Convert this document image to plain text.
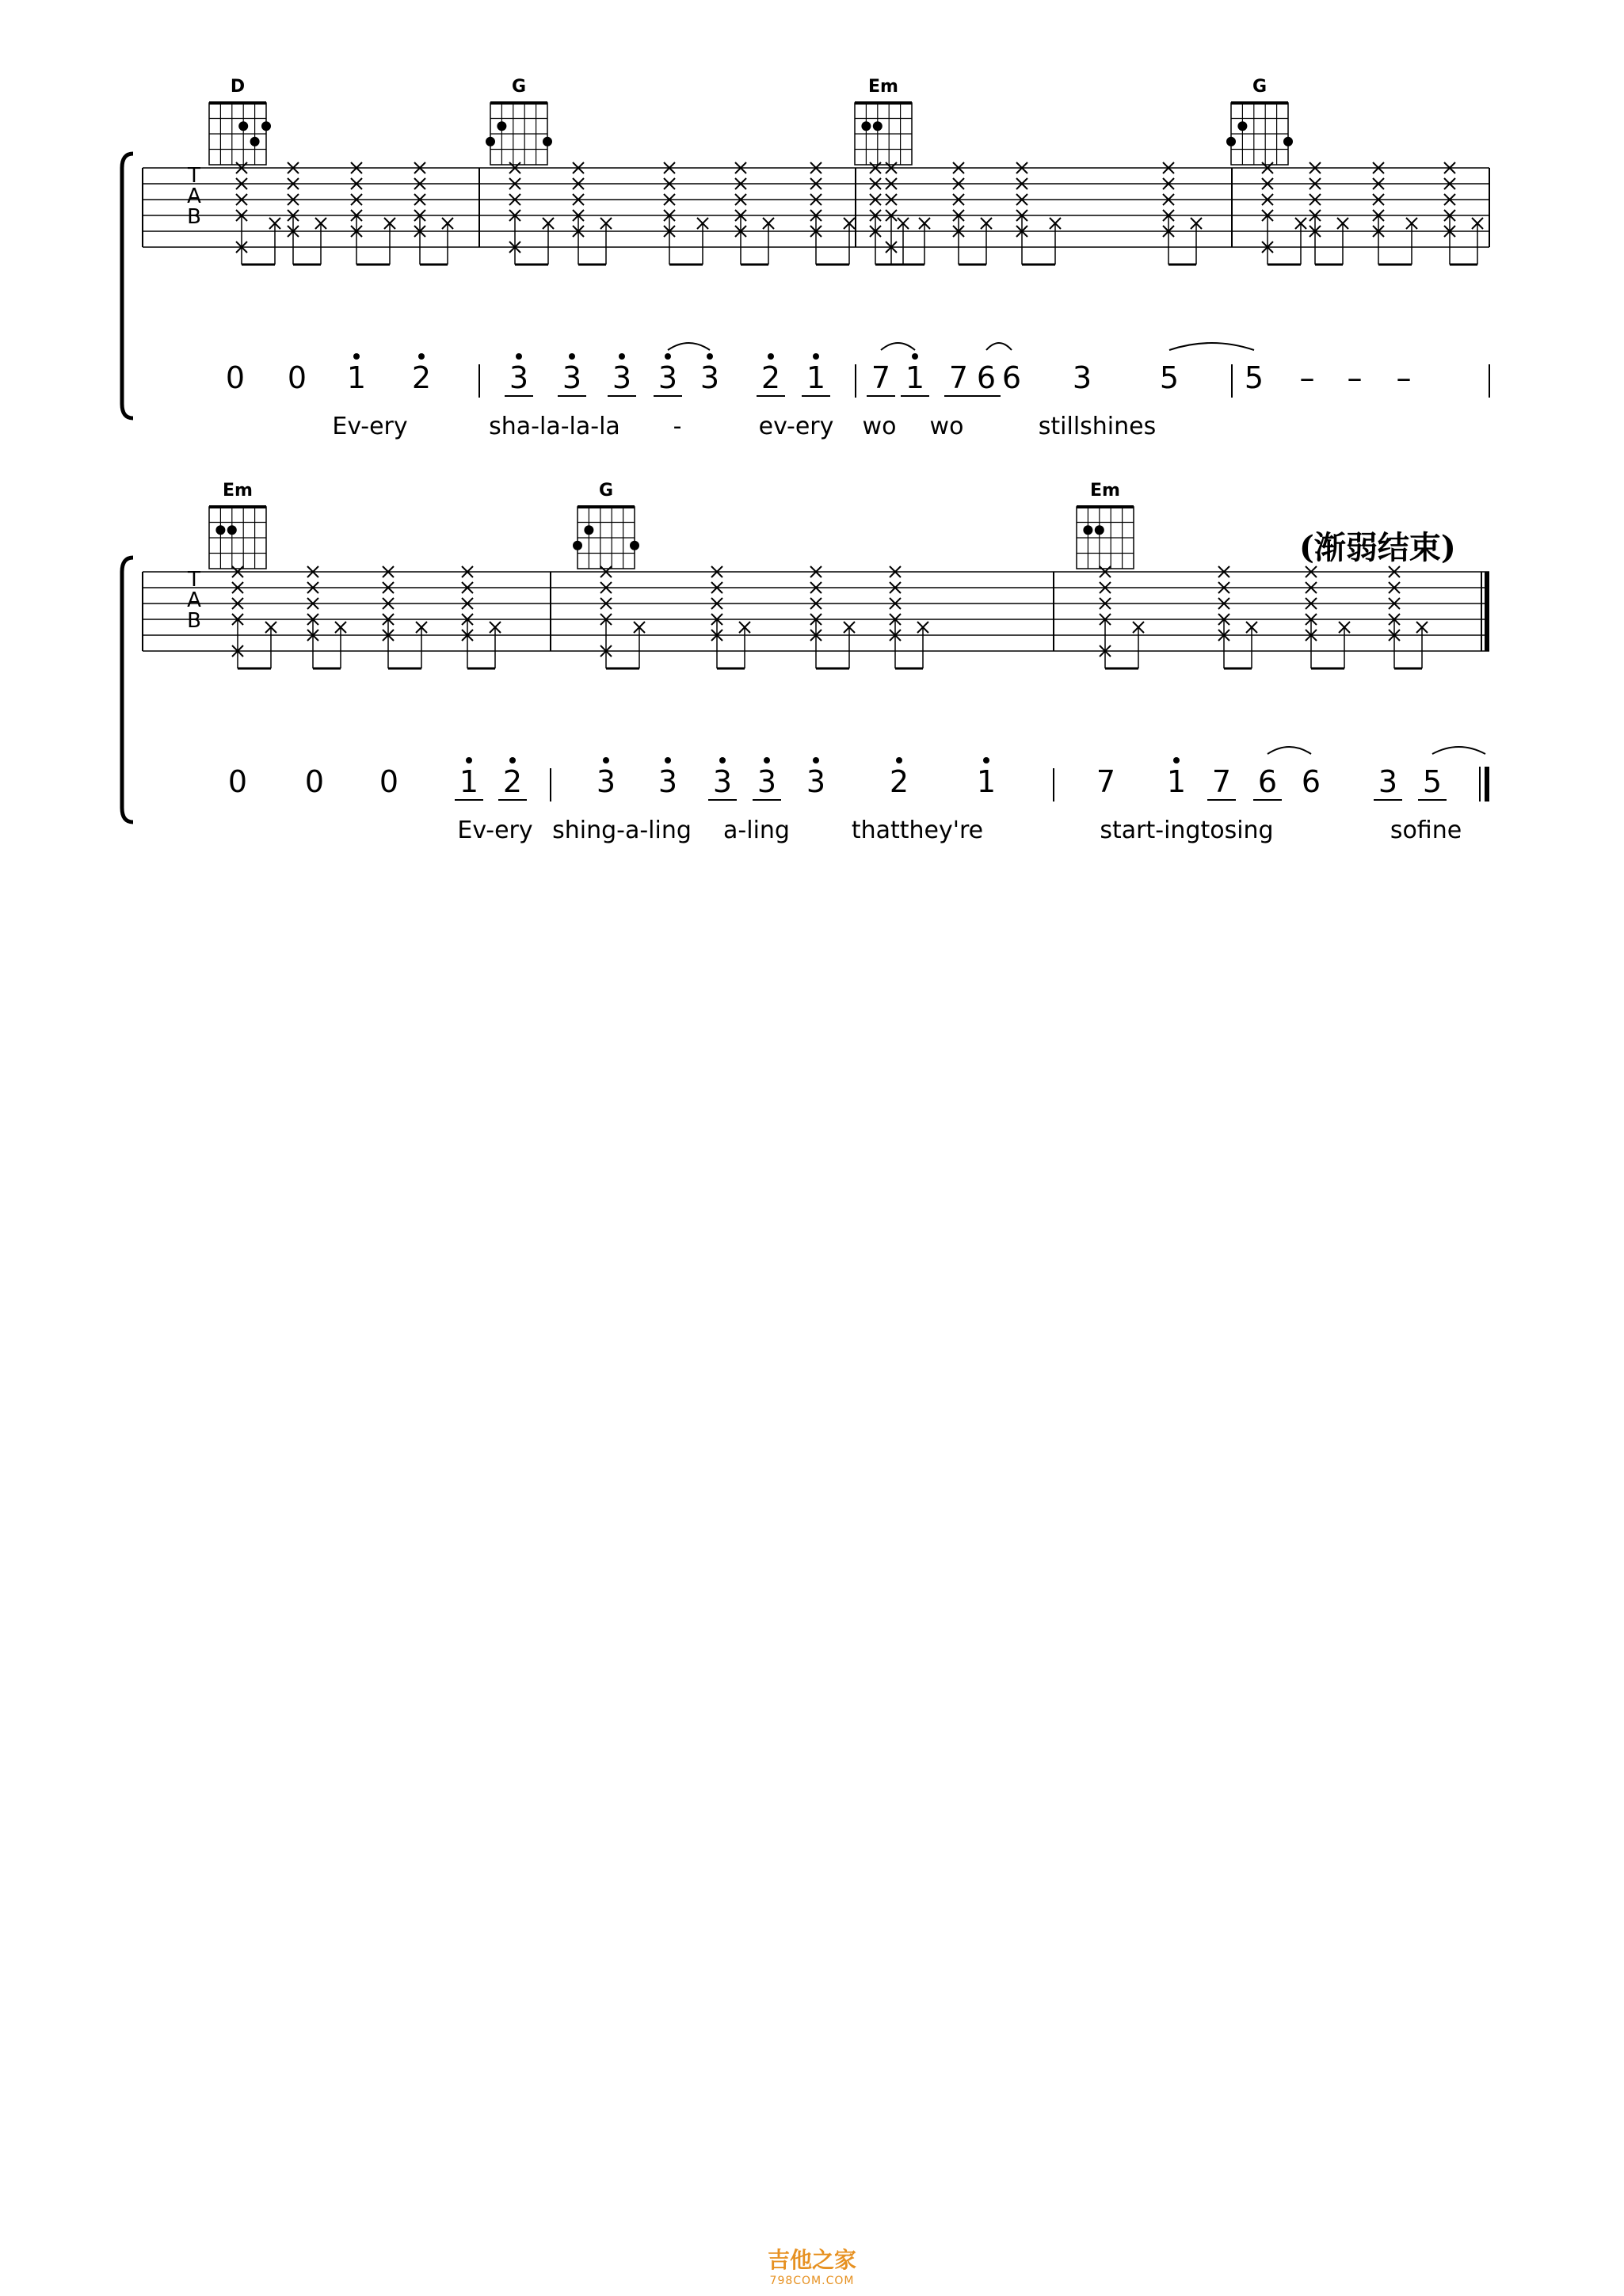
T
A
B
0 0 1 2	3 3 3 3 3 2 1 7 1 7 6 6 3 5 5 – – –
Ev-ery	sha-la-la-la -	ev-ery wo wo	stillshines
D	G	Em	G
T
A
B
0 0 0 1 2 3 3 3 3 3 2 1	7 1 7 6 6 3 5
Ev-ery shing-a-ling a-ling	thatthey're	start-ingtosing	sofine
Em	G	Em
(渐弱结束)
吉他之家
798COM.COM
